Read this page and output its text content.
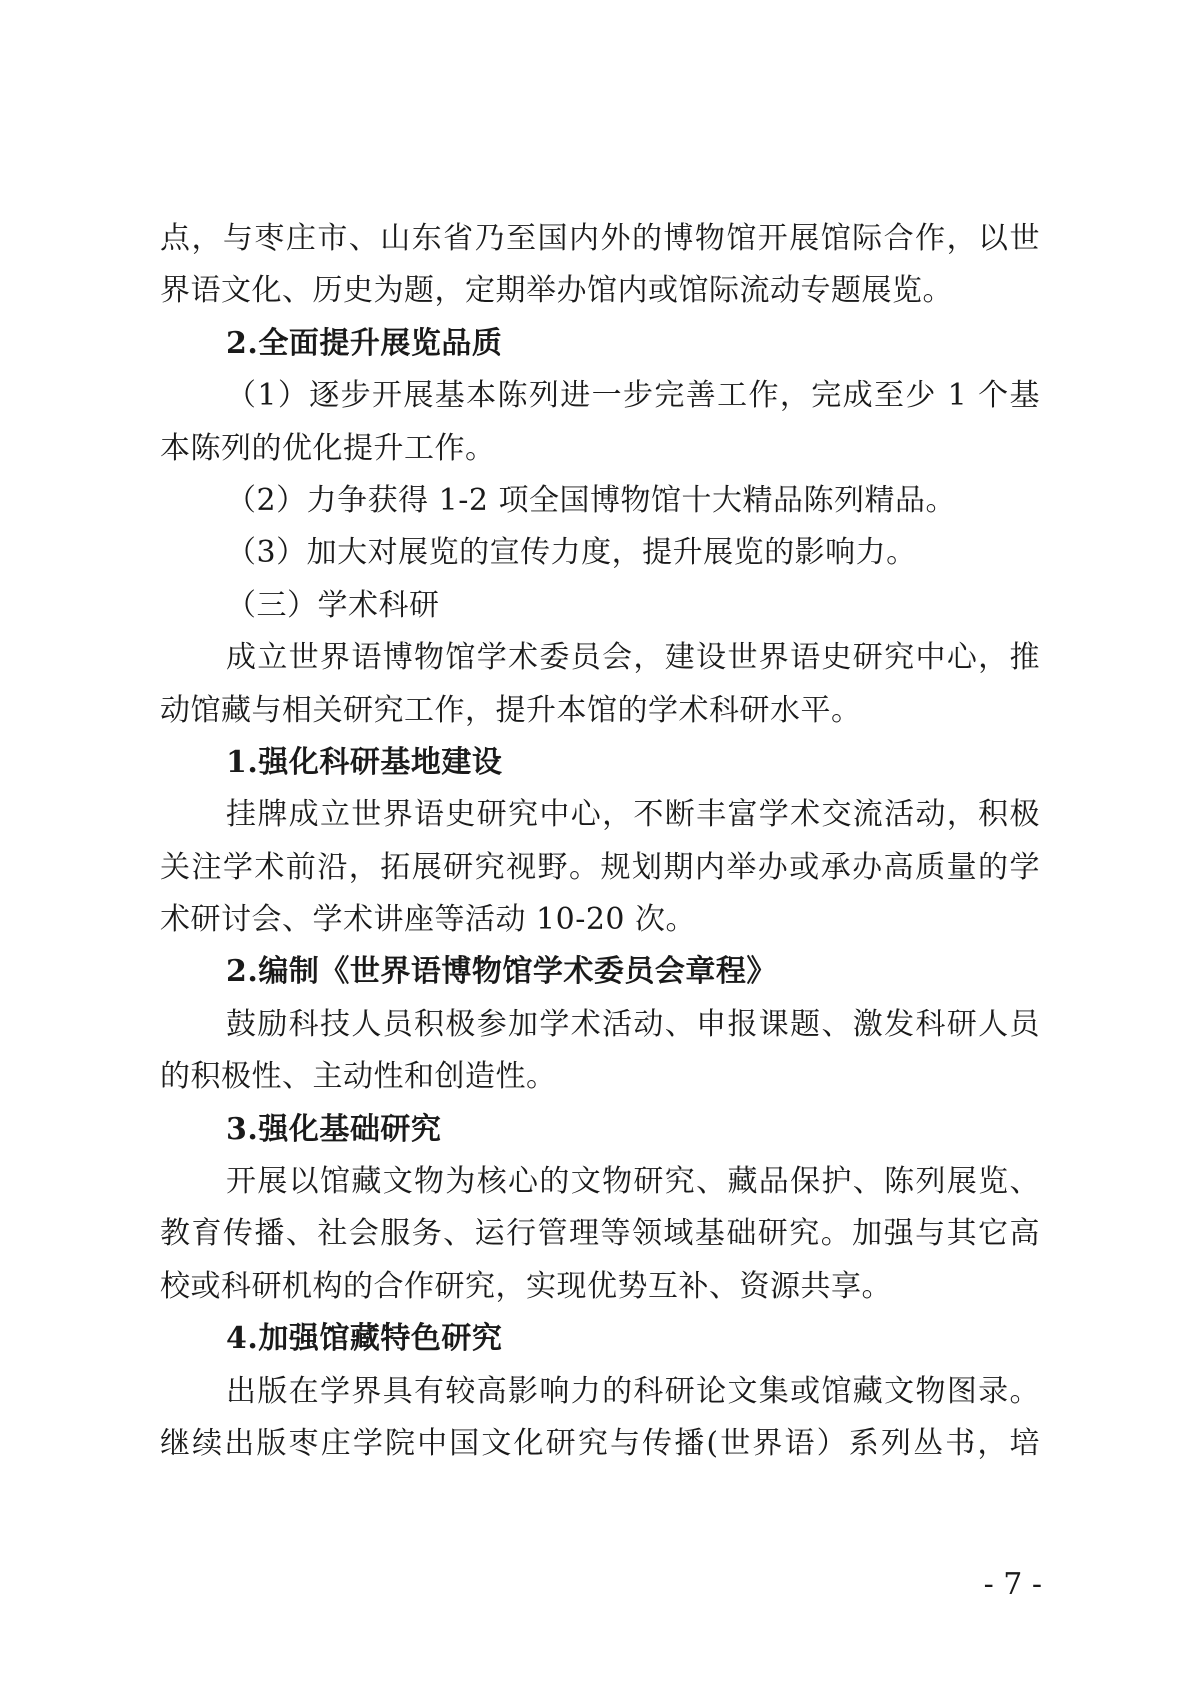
点，与枣庄市、山东省乃至国内外的博物馆开展馆际合作，以世
界语文化、历史为题，定期举办馆内或馆际流动专题展览。
2.全面提升展览品质
（1）逐步开展基本陈列进一步完善工作，完成至少 1 个基
本陈列的优化提升工作。
（2）力争获得 1-2 项全国博物馆十大精品陈列精品。
（3）加大对展览的宣传力度，提升展览的影响力。
（三）学术科研
成立世界语博物馆学术委员会，建设世界语史研究中心，推
动馆藏与相关研究工作，提升本馆的学术科研水平。
1.强化科研基地建设
挂牌成立世界语史研究中心，不断丰富学术交流活动，积极
关注学术前沿，拓展研究视野。规划期内举办或承办高质量的学
术研讨会、学术讲座等活动 10-20 次。
2.编制《世界语博物馆学术委员会章程》
鼓励科技人员积极参加学术活动、申报课题、激发科研人员
的积极性、主动性和创造性。
3.强化基础研究
开展以馆藏文物为核心的文物研究、藏品保护、陈列展览、
教育传播、社会服务、运行管理等领域基础研究。加强与其它高
校或科研机构的合作研究，实现优势互补、资源共享。
4.加强馆藏特色研究
出版在学界具有较高影响力的科研论文集或馆藏文物图录。
继续出版枣庄学院中国文化研究与传播(世界语）系列丛书，培
- 7 -
